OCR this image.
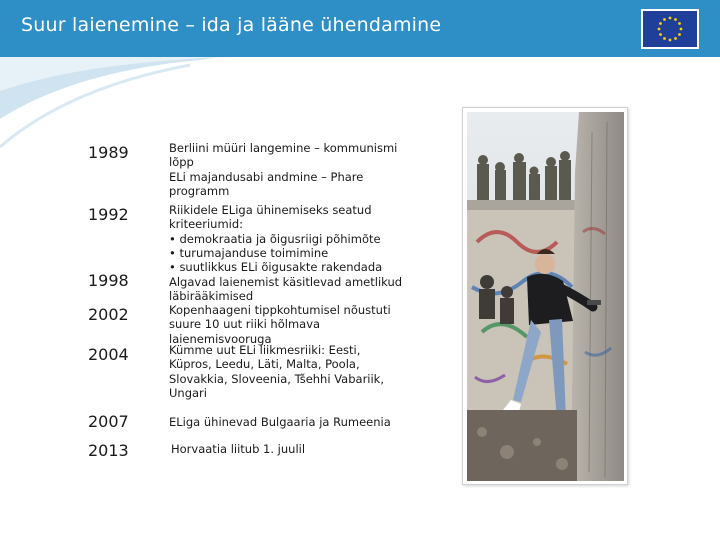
Suur laienemine – ida ja lääne ühendamine
1989
1992
1998
2002
2004
2007
2013
Berliini müüri langemine – kommunismi
lõpp
ELi majandusabi andmine – Phare
programm
Riikidele ELiga ühinemiseks seatud
kriteeriumid:
• demokraatia ja õigusriigi põhimõte
• turumajanduse toimimine
• suutlikkus ELi õigusakte rakendada
Algavad laienemist käsitlevad ametlikud
läbirääkimised
Kopenhaageni tippkohtumisel nõustuti
suure 10 uut riiki hõlmava
laienemisvooruga
Kümme uut ELi liikmesriiki: Eesti,
Küpros, Leedu, Läti, Malta, Poola,
Slovakkia, Sloveenia, Tšehhi Vabariik,
Ungari
ELiga ühinevad Bulgaaria ja Rumeenia
Horvaatia liitub 1. juulil
